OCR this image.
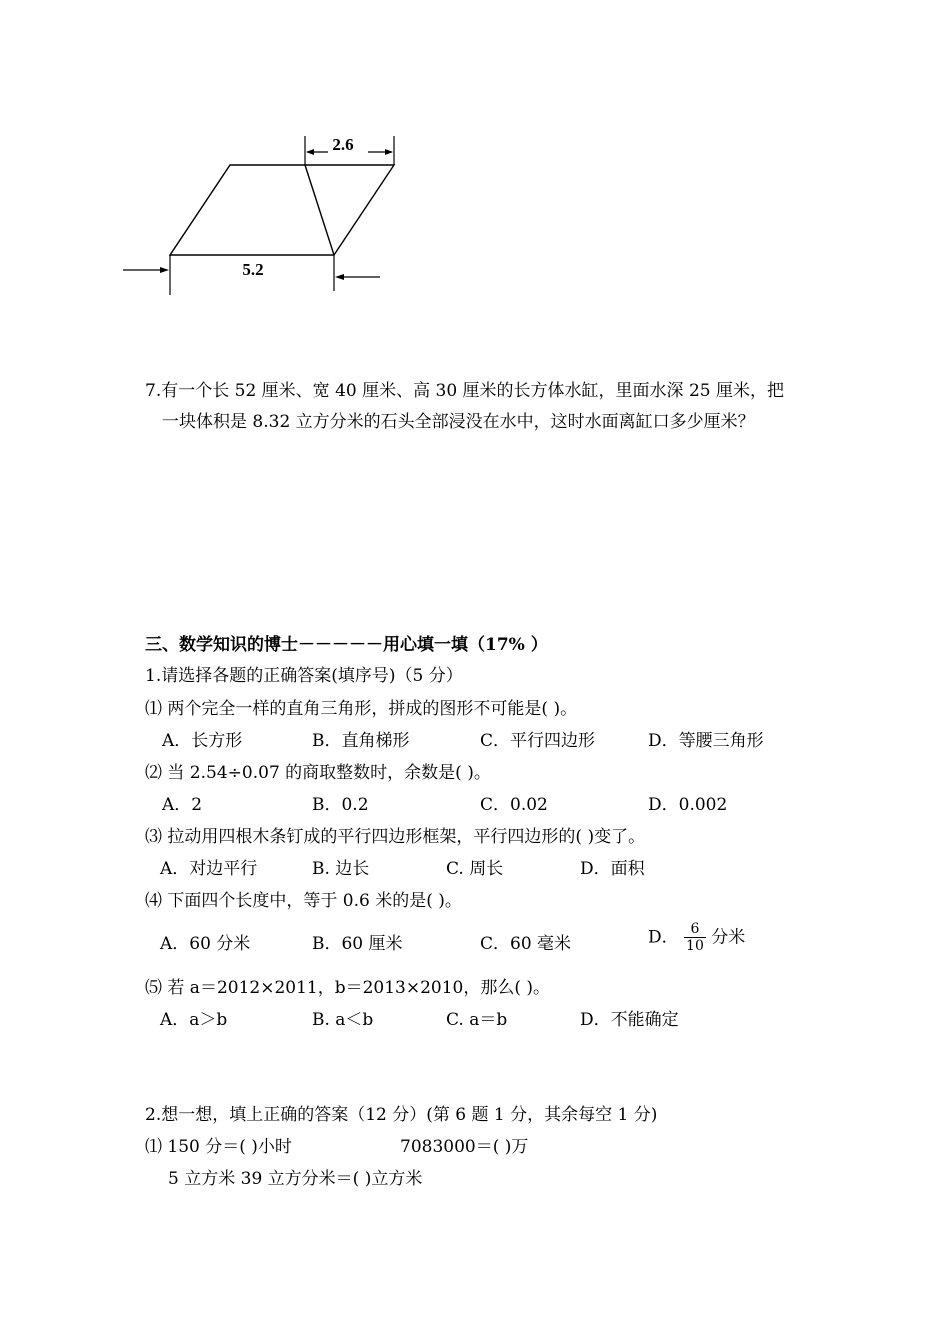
2.6
5.2
7.有一个长 52 厘米、宽 40 厘米、高 30 厘米的长方体水缸，里面水深 25 厘米，把
一块体积是 8.32 立方分米的石头全部浸没在水中，这时水面离缸口多少厘米？
三、数学知识的博士－－－－－用心填一填（17% ）
1.请选择各题的正确答案(填序号)（5 分）
⑴ 两个完全一样的直角三角形，拼成的图形不可能是( )。
A．长方形	B．直角梯形	C．平行四边形	D．等腰三角形
⑵ 当 2.54÷0.07 的商取整数时，余数是( )。
A．2	B．0.2	C．0.02	D．0.002
⑶ 拉动用四根木条钉成的平行四边形框架，平行四边形的( )变了。
A．对边平行	B. 边长	C. 周长	D．面积
⑷ 下面四个长度中，等于 0.6 米的是( )。
A．60 分米	B．60 厘米	C．60 毫米	D． $\frac{6}{10}$ 分米
⑸ 若 a＝2012×2011，b＝2013×2010，那么( )。
A．a＞b	B. a＜b	C. a＝b	D．不能确定
2.想一想，填上正确的答案（12 分）(第 6 题 1 分，其余每空 1 分)
⑴ 150 分＝( )小时	7083000＝( )万
5 立方米 39 立方分米＝( )立方米
